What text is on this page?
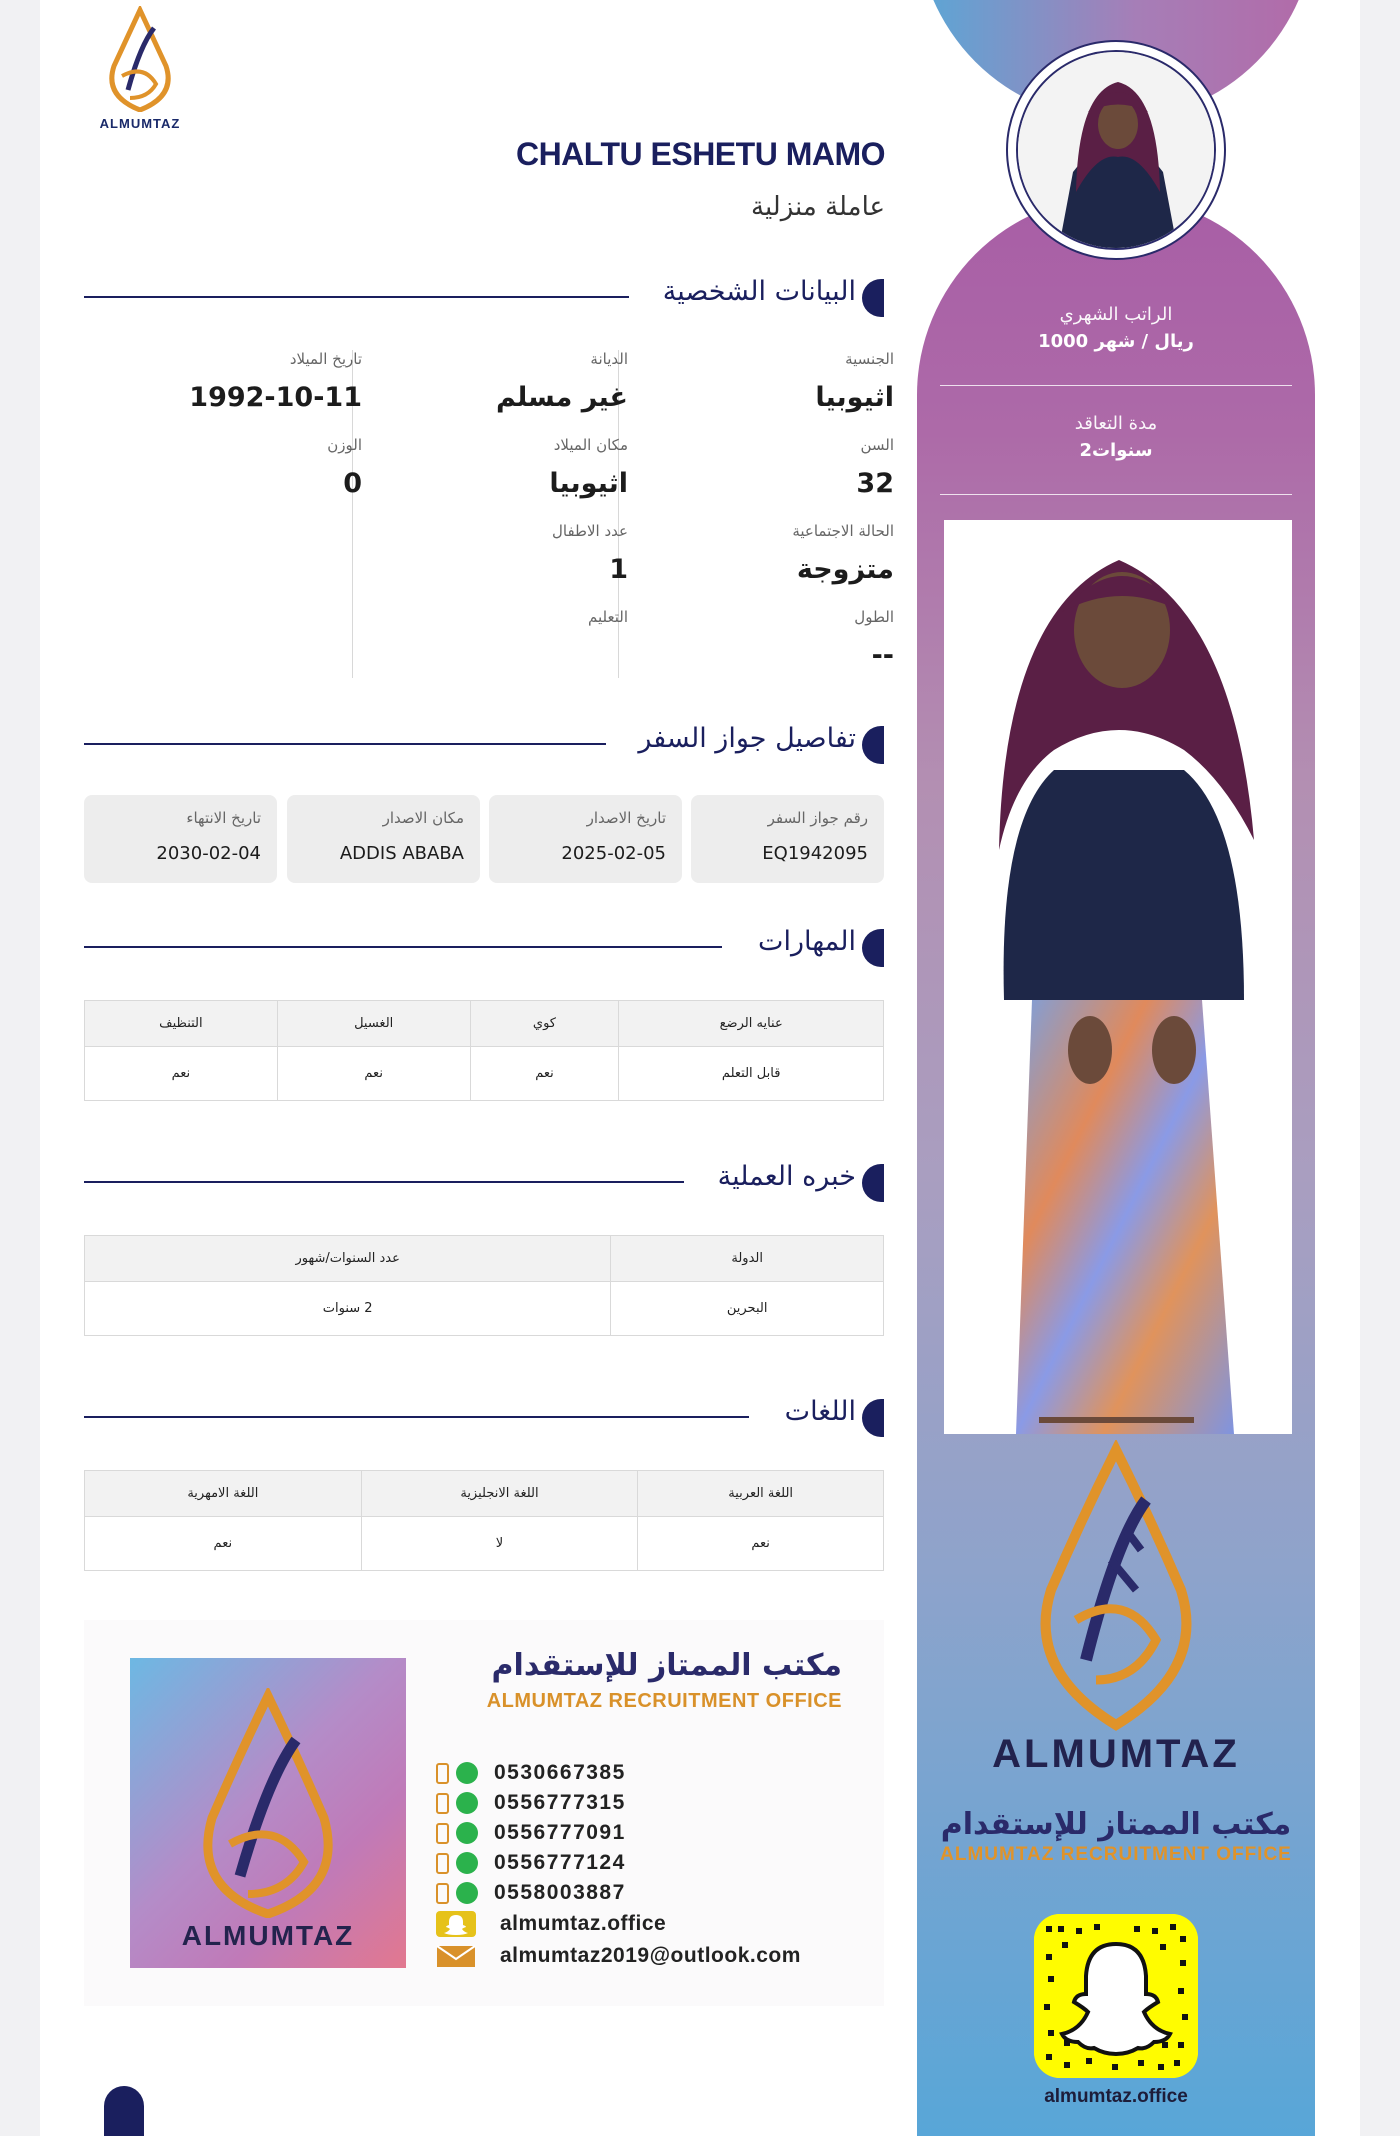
الراتب الشهري
1000 ريال / شهر
مدة التعاقد
2سنوات
ALMUMTAZ
مكتب الممتاز للإستقدام
ALMUMTAZ RECRUITMENT OFFICE
almumtaz.office
ALMUMTAZ
CHALTU ESHETU MAMO
عاملة منزلية
البيانات الشخصية
الجنسية
اثيوبيا
السن
32
الحالة الاجتماعية
متزوجة
الطول
--
الديانة
غير مسلم
مكان الميلاد
اثيوبيا
عدد الاطفال
1
التعليم
تاريخ الميلاد
1992-10-11
الوزن
0
تفاصيل جواز السفر
رقم جواز السفر
EQ1942095
تاريخ الاصدار
2025-02-05
مكان الاصدار
ADDIS ABABA
تاريخ الانتهاء
2030-02-04
المهارات
عنايه الرضع	كوي	الغسيل	التنظيف
قابل التعلم	نعم	نعم	نعم
خبره العملية
الدولة	عدد السنوات/شهور
البحرين	2 سنوات
اللغات
اللغة العربية	اللغة الانجليزية	اللغة الامهرية
نعم	لا	نعم
ALMUMTAZ
مكتب الممتاز للإستقدام
ALMUMTAZ RECRUITMENT OFFICE
0530667385
0556777315
0556777091
0556777124
0558003887
almumtaz.office
almumtaz2019@outlook.com
